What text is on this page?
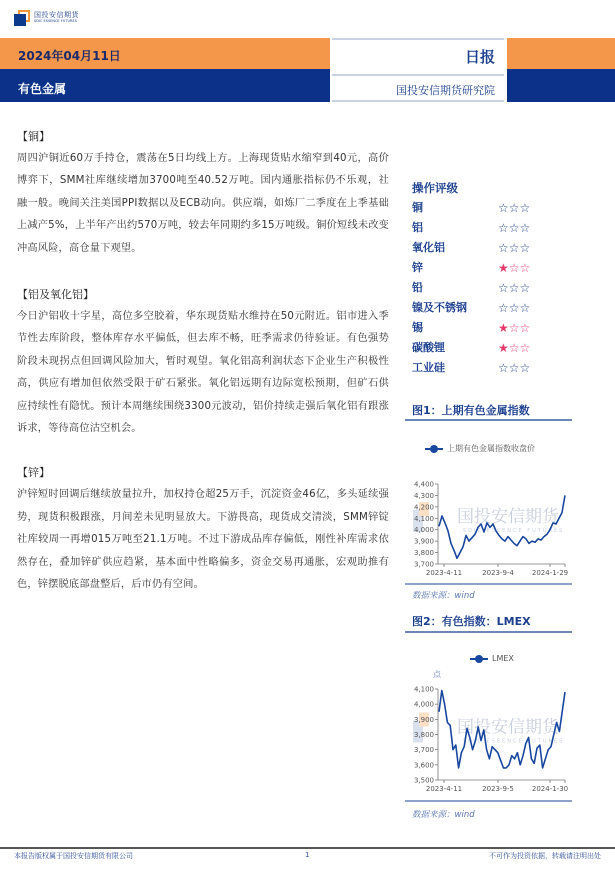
国投安信期货
SDIC ESSENCE FUTURES
2024年04月11日
有色金属
日报
国投安信期货研究院

【铜】

周四沪铜近60万手持仓，震荡在5日均线上方。上海现货贴水缩窄到40元，高价博弈下，SMM社库继续增加3700吨至40.52万吨。国内通胀指标仍不乐观，社融一般。晚间关注美国PPI数据以及ECB动向。供应端，如炼厂二季度在上季基础上减产5%，上半年产出约570万吨，较去年同期约多15万吨级。铜价短线未改变冲高风险，高仓量下观望。

【铝及氧化铝】

今日沪铝收十字星，高位多空胶着，华东现货贴水维持在50元附近。铝市进入季节性去库阶段，整体库存水平偏低，但去库不畅，旺季需求仍待验证。有色强势阶段未现拐点但回调风险加大，暂时观望。氧化铝高利润状态下企业生产积极性高，供应有增加但依然受限于矿石紧张。氧化铝远期有边际宽松预期，但矿石供应持续性有隐忧。预计本周继续围绕3300元波动，铝价持续走强后氧化铝有跟涨诉求，等待高位沽空机会。

【锌】

沪锌短时回调后继续放量拉升，加权持仓超25万手，沉淀资金46亿，多头延续强势，现货积极跟涨，月间差未见明显放大。下游畏高，现货成交清淡，SMM锌锭社库较周一再增015万吨至21.1万吨。不过下游成品库存偏低，刚性补库需求依然存在，叠加锌矿供应趋紧，基本面中性略偏多，资金交易再通胀，宏观助推有色，锌摆脱底部盘整后，后市仍有空间。

操作评级
铜	☆☆☆
铝	☆☆☆
氧化铝	☆☆☆
锌	★☆☆
铅	☆☆☆
镍及不锈钢	☆☆☆
锡	★☆☆
碳酸锂	★☆☆
工业硅	☆☆☆
图1：上期有色金属指数
上期有色金属指数收盘价
国投安信期货
SDIC ESSENCE FUTURES
3,700
3,800
3,900
4,000
4,100
4,200
4,300
4,400
2023-4-11	2023-9-4	2024-1-29
数据来源：wind
图2：有色指数：LMEX
LMEX
点
国投安信期货
SDIC ESSENCE FUTURES
3,500
3,600
3,700
3,800
3,900
4,000
4,100
2023-4-11	2023-9-5	2024-1-30
数据来源：wind
本报告版权属于国投安信期货有限公司	1	不可作为投资依据，转载请注明出处
